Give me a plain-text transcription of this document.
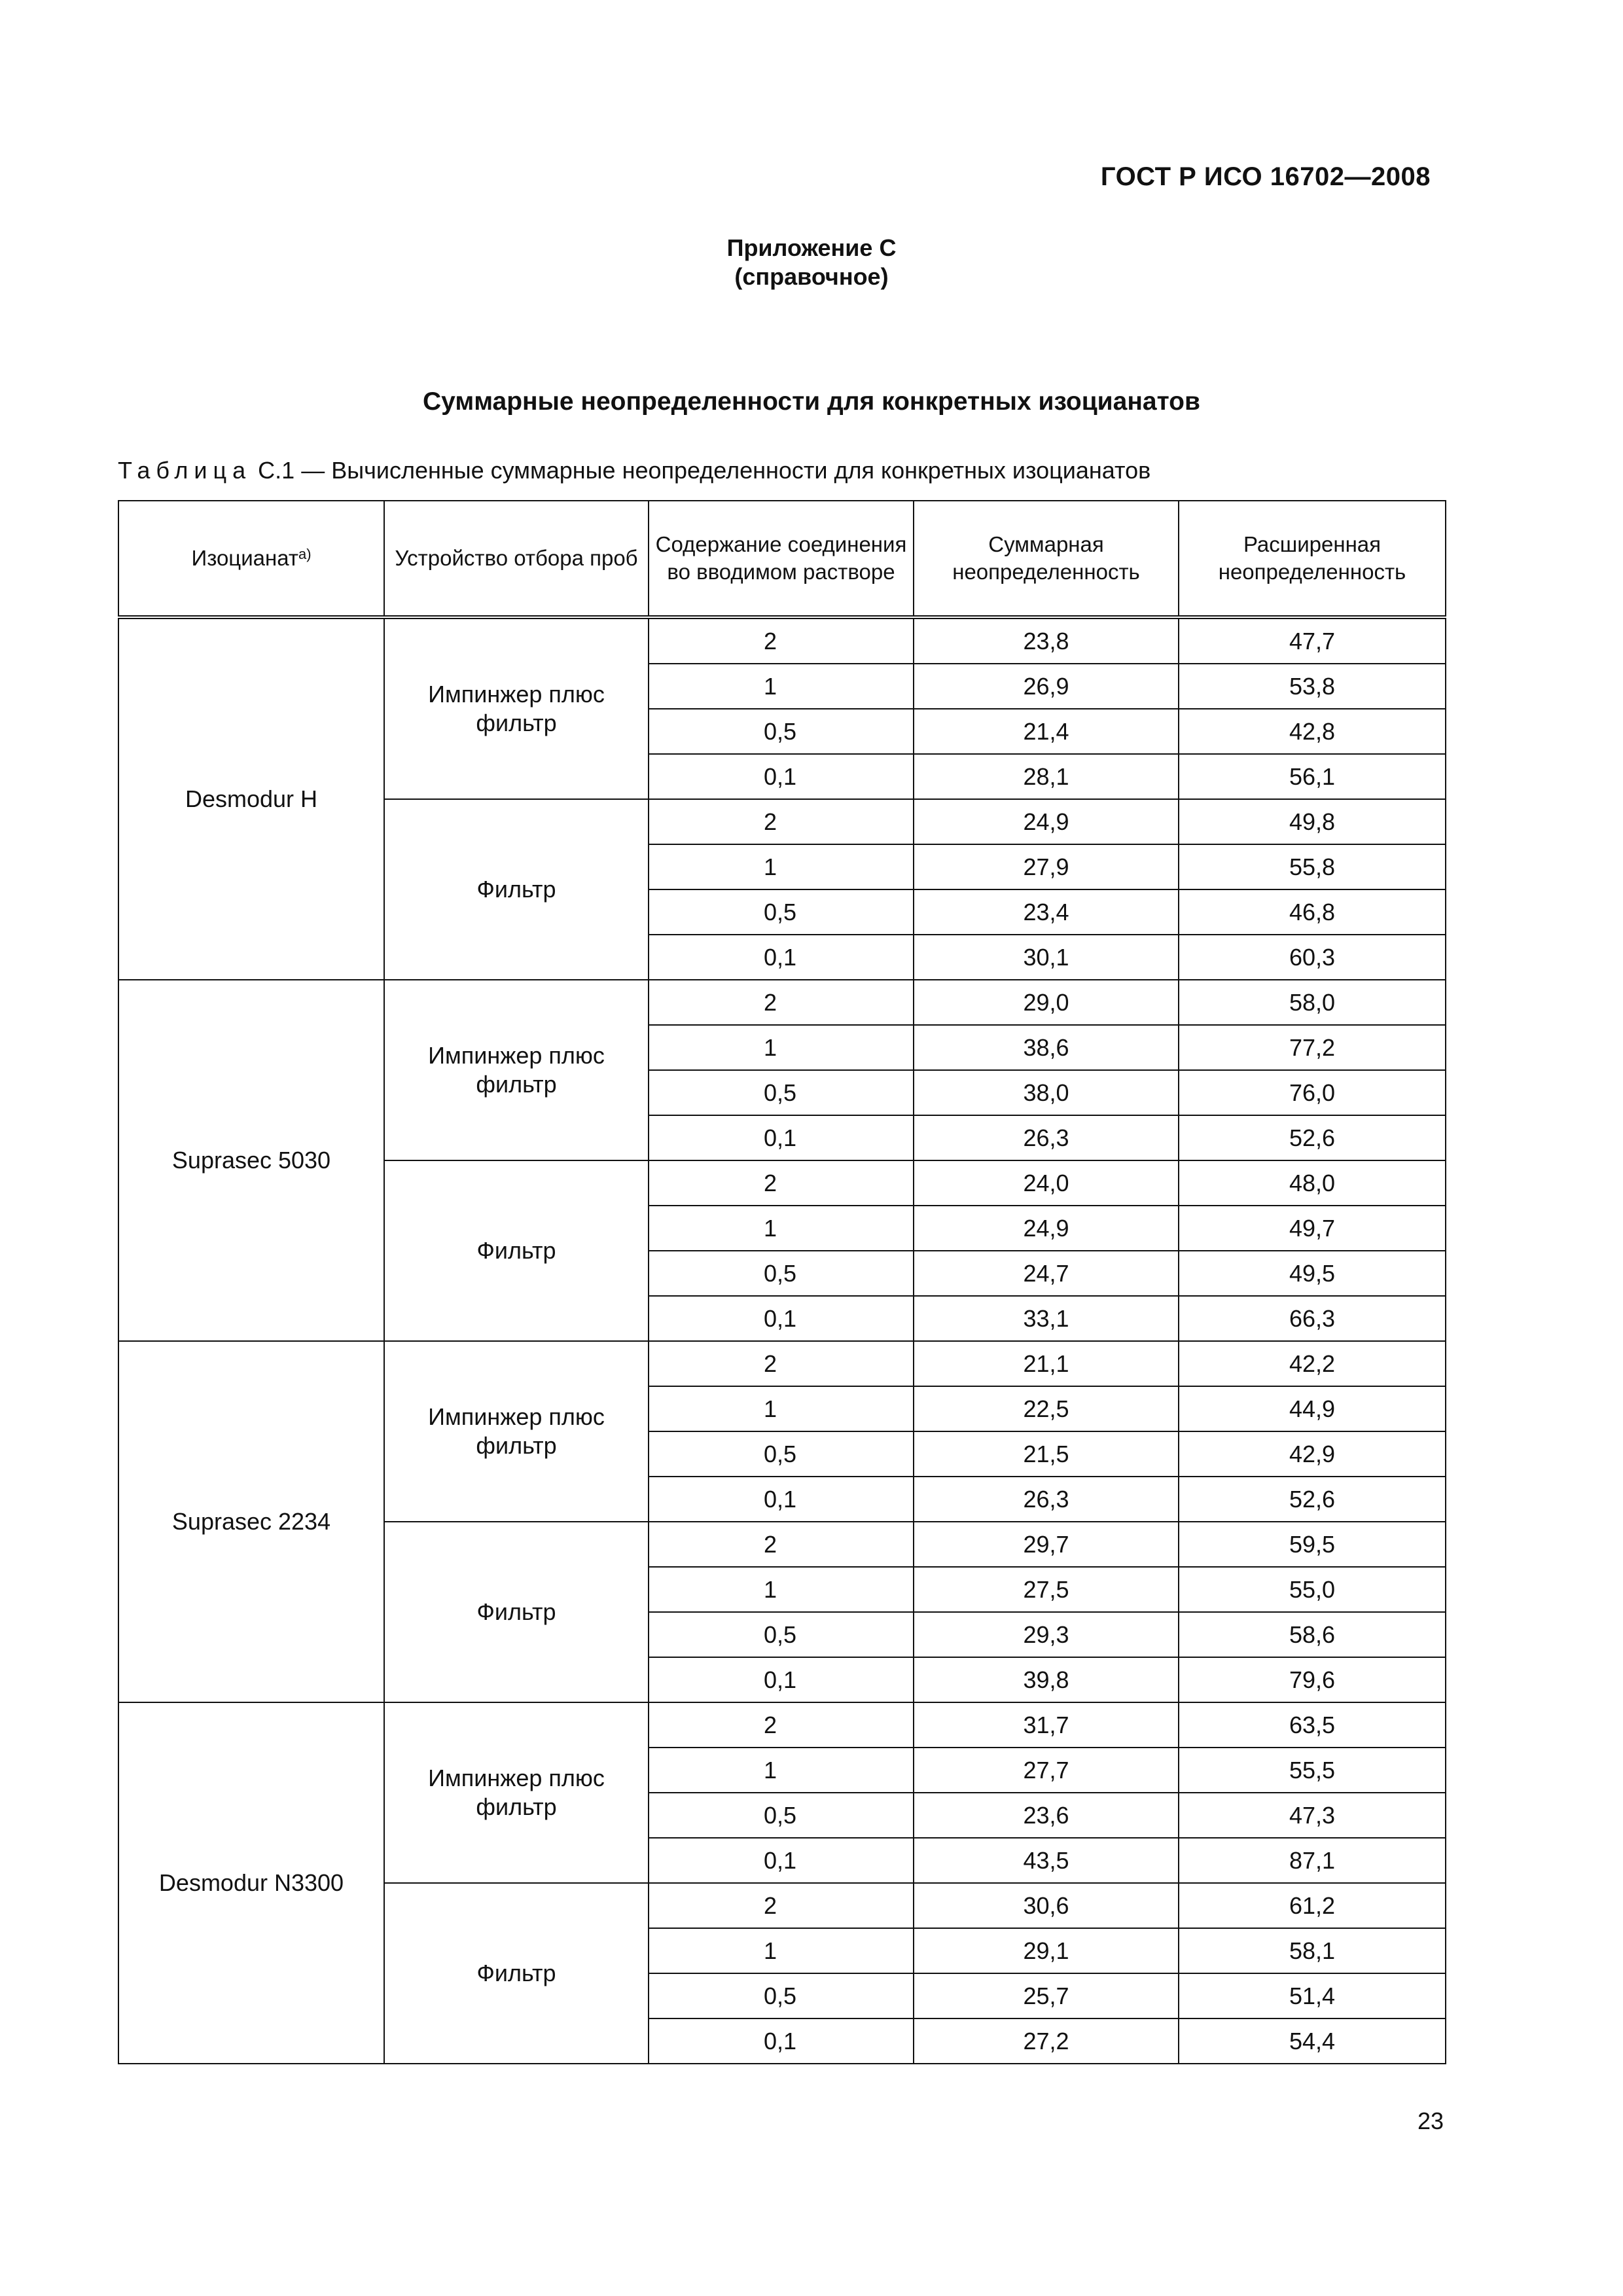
ГОСТ Р ИСО 16702—2008
Приложение С
(справочное)
Суммарные неопределенности для конкретных изоцианатов
Таблица С.1 — Вычисленные суммарные неопределенности для конкретных изоцианатов
Изоцианат$^{а)}$	Устройство отбора проб	Содержание соединения во вводимом растворе	Суммарная неопределенность	Расширенная неопределенность
Desmodur H	Импинжер плюс фильтр	2	23,8	47,7
		1	26,9	53,8
		0,5	21,4	42,8
		0,1	28,1	56,1
	Фильтр	2	24,9	49,8
		1	27,9	55,8
		0,5	23,4	46,8
		0,1	30,1	60,3
Suprasec 5030	Импинжер плюс фильтр	2	29,0	58,0
		1	38,6	77,2
		0,5	38,0	76,0
		0,1	26,3	52,6
	Фильтр	2	24,0	48,0
		1	24,9	49,7
		0,5	24,7	49,5
		0,1	33,1	66,3
Suprasec 2234	Импинжер плюс фильтр	2	21,1	42,2
		1	22,5	44,9
		0,5	21,5	42,9
		0,1	26,3	52,6
	Фильтр	2	29,7	59,5
		1	27,5	55,0
		0,5	29,3	58,6
		0,1	39,8	79,6
Desmodur N3300	Импинжер плюс фильтр	2	31,7	63,5
		1	27,7	55,5
		0,5	23,6	47,3
		0,1	43,5	87,1
	Фильтр	2	30,6	61,2
		1	29,1	58,1
		0,5	25,7	51,4
		0,1	27,2	54,4
23
